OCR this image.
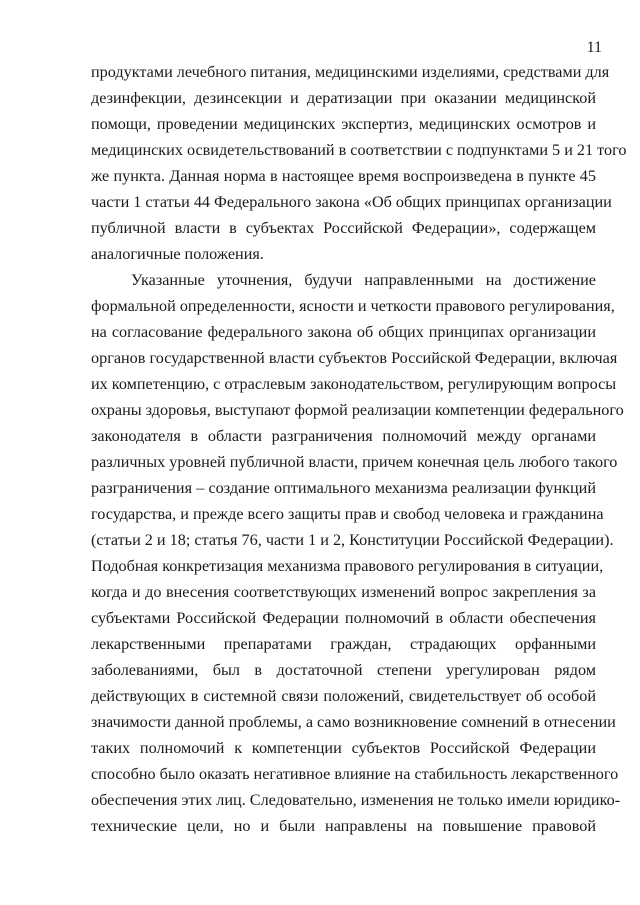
11
продуктами лечебного питания, медицинскими изделиями, средствами для
дезинфекции, дезинсекции и дератизации при оказании медицинской
помощи, проведении медицинских экспертиз, медицинских осмотров и
медицинских освидетельствований в соответствии с подпунктами 5 и 21 того
же пункта. Данная норма в настоящее время воспроизведена в пункте 45
части 1 статьи 44 Федерального закона «Об общих принципах организации
публичной власти в субъектах Российской Федерации», содержащем
аналогичные положения.
Указанные уточнения, будучи направленными на достижение
формальной определенности, ясности и четкости правового регулирования,
на согласование федерального закона об общих принципах организации
органов государственной власти субъектов Российской Федерации, включая
их компетенцию, с отраслевым законодательством, регулирующим вопросы
охраны здоровья, выступают формой реализации компетенции федерального
законодателя в области разграничения полномочий между органами
различных уровней публичной власти, причем конечная цель любого такого
разграничения – создание оптимального механизма реализации функций
государства, и прежде всего защиты прав и свобод человека и гражданина
(статьи 2 и 18; статья 76, части 1 и 2, Конституции Российской Федерации).
Подобная конкретизация механизма правового регулирования в ситуации,
когда и до внесения соответствующих изменений вопрос закрепления за
субъектами Российской Федерации полномочий в области обеспечения
лекарственными препаратами граждан, страдающих орфанными
заболеваниями, был в достаточной степени урегулирован рядом
действующих в системной связи положений, свидетельствует об особой
значимости данной проблемы, а само возникновение сомнений в отнесении
таких полномочий к компетенции субъектов Российской Федерации
способно было оказать негативное влияние на стабильность лекарственного
обеспечения этих лиц. Следовательно, изменения не только имели юридико-
технические цели, но и были направлены на повышение правовой
